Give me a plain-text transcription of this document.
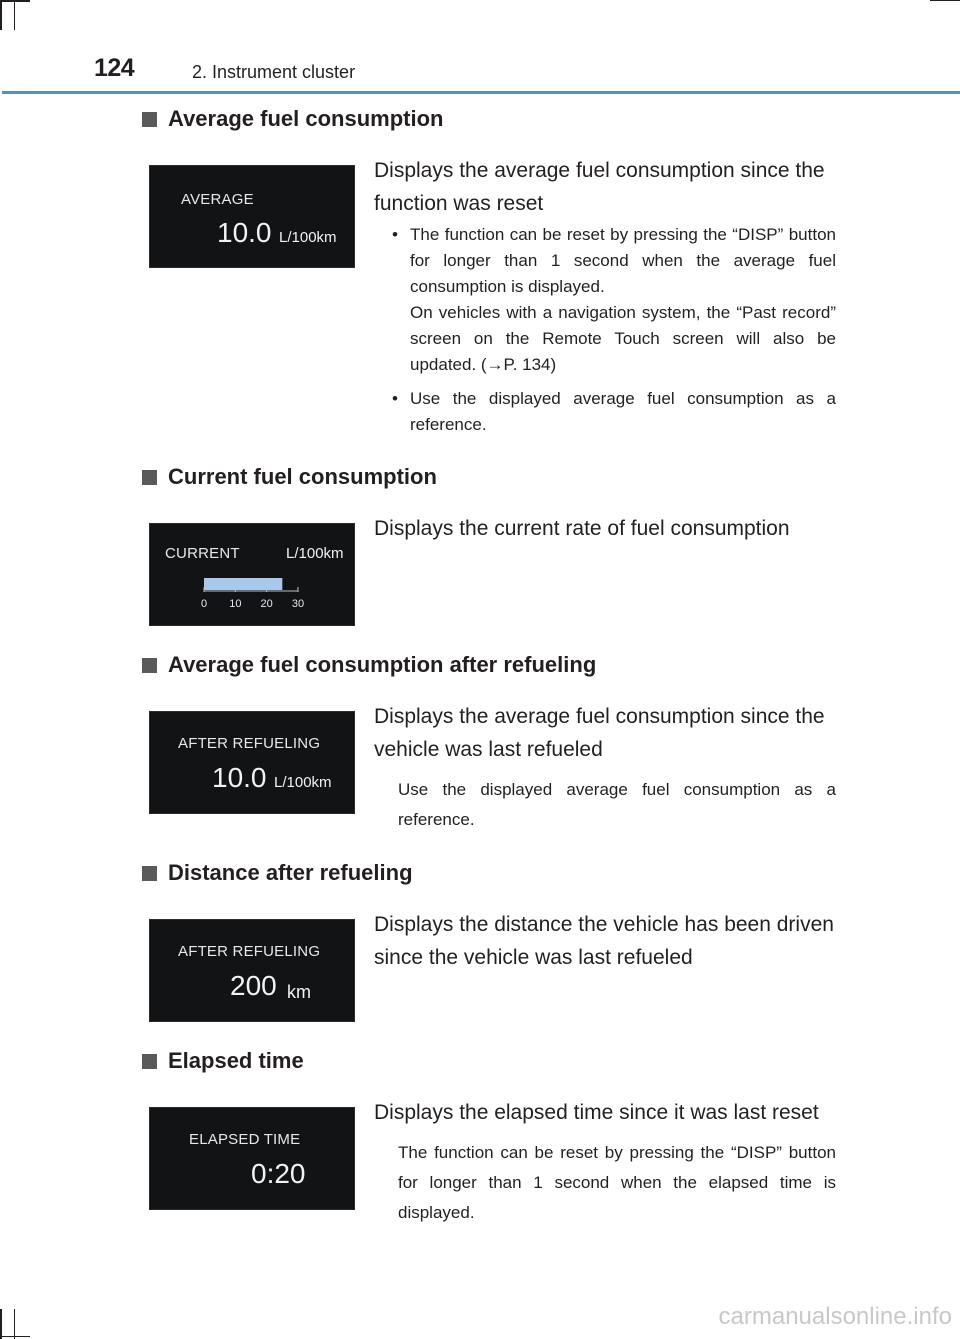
124	2. Instrument cluster
Average fuel consumption
AVERAGE
10.0 L/100km
Displays the average fuel consumption since the function was reset
• The function can be reset by pressing the “DISP” button for longer than 1 second when the average fuel consumption is displayed.
On vehicles with a navigation system, the “Past record” screen on the Remote Touch screen will also be updated. (→P. 134)
• Use the displayed average fuel consumption as a reference.
Current fuel consumption
CURRENT	L/100km
0 10 20 30
Displays the current rate of fuel consumption
Average fuel consumption after refueling
AFTER REFUELING
10.0 L/100km
Displays the average fuel consumption since the vehicle was last refueled
Use the displayed average fuel consumption as a reference.
Distance after refueling
AFTER REFUELING
200 km
Displays the distance the vehicle has been driven since the vehicle was last refueled
Elapsed time
ELAPSED TIME
0:20
Displays the elapsed time since it was last reset
The function can be reset by pressing the “DISP” button for longer than 1 second when the elapsed time is displayed.
carmanualsonline.info
